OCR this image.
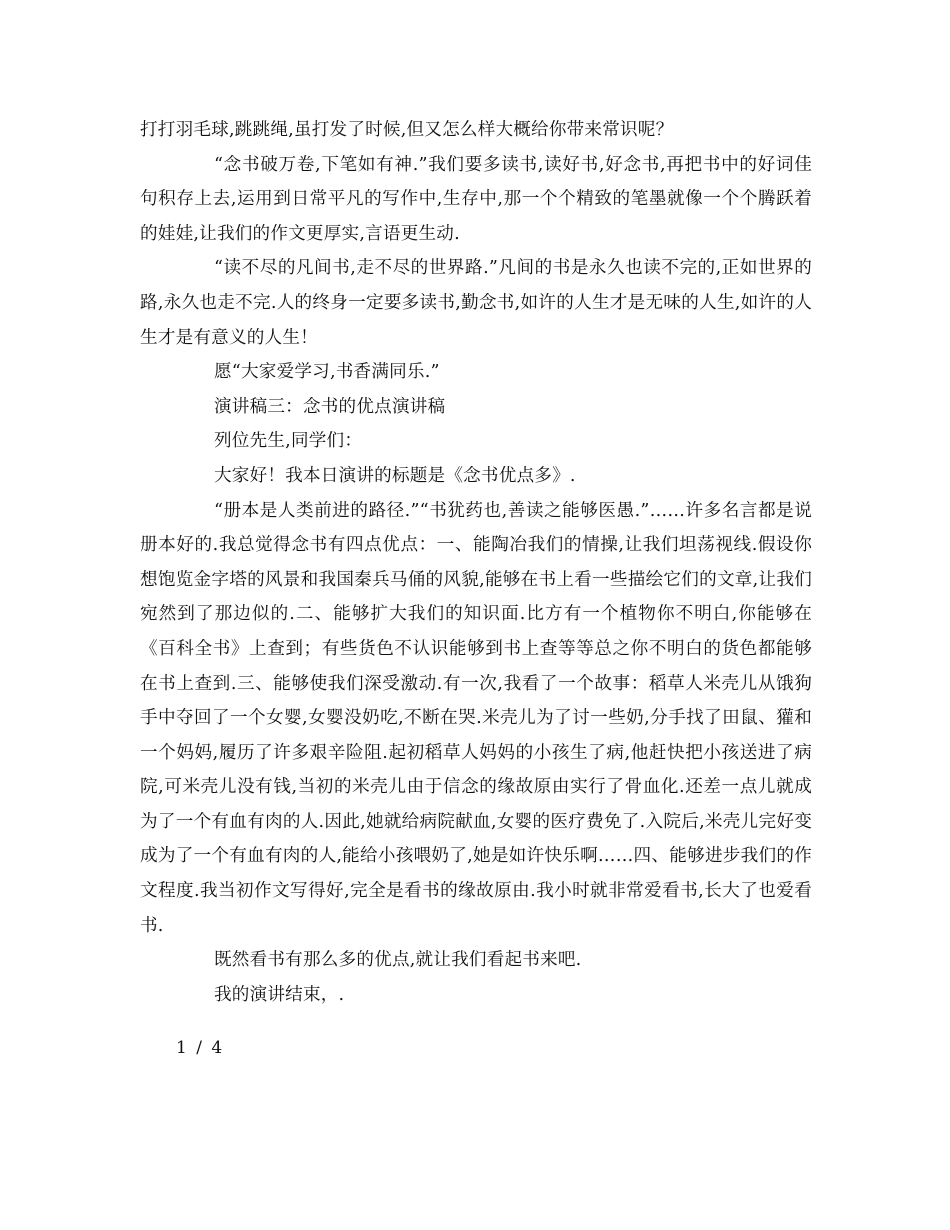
打打羽毛球,跳跳绳,虽打发了时候,但又怎么样大概给你带来常识呢？

“念书破万卷,下笔如有神.”我们要多读书,读好书,好念书,再把书中的好词佳句积存上去,运用到日常平凡的写作中,生存中,那一个个精致的笔墨就像一个个腾跃着的娃娃,让我们的作文更厚实,言语更生动.

“读不尽的凡间书,走不尽的世界路.”凡间的书是永久也读不完的,正如世界的路,永久也走不完.人的终身一定要多读书,勤念书,如许的人生才是无味的人生,如许的人生才是有意义的人生！

愿“大家爱学习,书香满同乐.”

演讲稿三：念书的优点演讲稿

列位先生,同学们：

大家好！我本日演讲的标题是《念书优点多》.

“册本是人类前进的路径.”“书犹药也,善读之能够医愚.”……许多名言都是说册本好的.我总觉得念书有四点优点：一、能陶冶我们的情操,让我们坦荡视线.假设你想饱览金字塔的风景和我国秦兵马俑的风貌,能够在书上看一些描绘它们的文章,让我们宛然到了那边似的.二、能够扩大我们的知识面.比方有一个植物你不明白,你能够在《百科全书》上查到；有些货色不认识能够到书上查等等总之你不明白的货色都能够在书上查到.三、能够使我们深受激动.有一次,我看了一个故事：稻草人米壳儿从饿狗手中夺回了一个女婴,女婴没奶吃,不断在哭.米壳儿为了讨一些奶,分手找了田鼠、獾和一个妈妈,履历了许多艰辛险阻.起初稻草人妈妈的小孩生了病,他赶快把小孩送进了病院,可米壳儿没有钱,当初的米壳儿由于信念的缘故原由实行了骨血化.还差一点儿就成为了一个有血有肉的人.因此,她就给病院献血,女婴的医疗费免了.入院后,米壳儿完好变成为了一个有血有肉的人,能给小孩喂奶了,她是如许快乐啊……四、能够进步我们的作文程度.我当初作文写得好,完全是看书的缘故原由.我小时就非常爱看书,长大了也爱看书.

既然看书有那么多的优点,就让我们看起书来吧.

我的演讲结束，.

1 / 4
